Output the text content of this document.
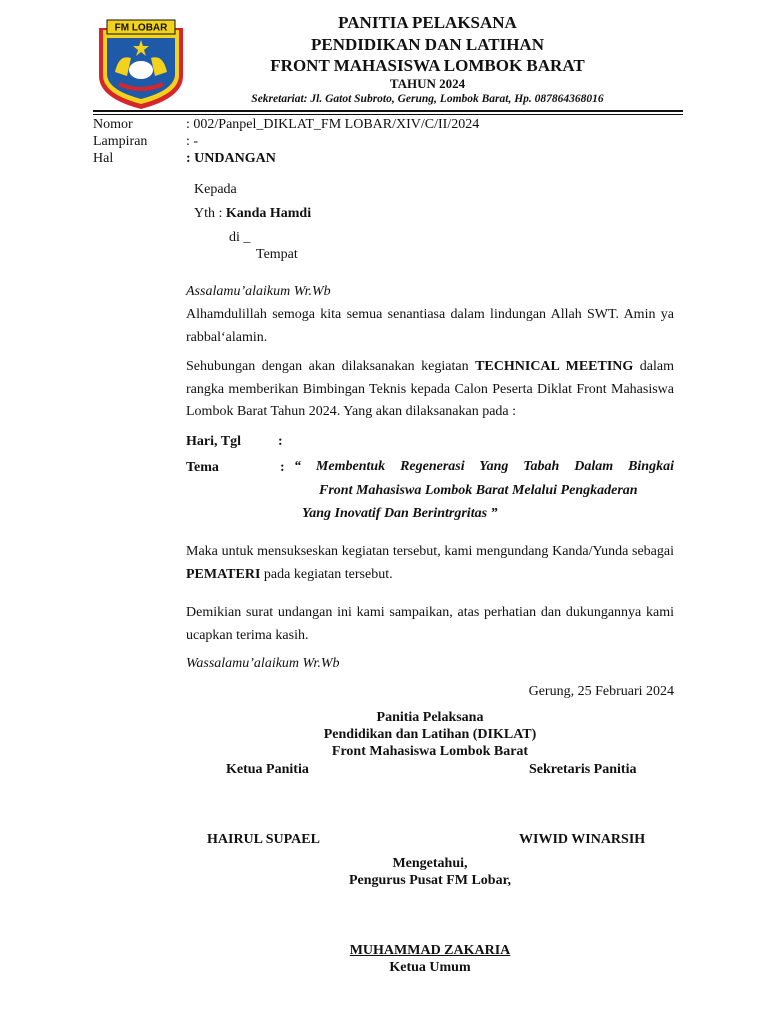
FM LOBAR	PANITIA PELAKSANA
PENDIDIKAN DAN LATIHAN
FRONT MAHASISWA LOMBOK BARAT
TAHUN 2024
Sekretariat: Jl. Gatot Subroto, Gerung, Lombok Barat, Hp. 087864368016
Nomor	: 002/Panpel_DIKLAT_FM LOBAR/XIV/C/II/2024
Lampiran	: -
Hal	: UNDANGAN
Kepada
Yth : Kanda Hamdi
di _
Tempat
Assalamu’alaikum Wr.Wb
Alhamdulillah semoga kita semua senantiasa dalam lindungan Allah SWT. Amin ya rabbal‘alamin.
Sehubungan dengan akan dilaksanakan kegiatan TECHNICAL MEETING dalam rangka memberikan Bimbingan Teknis kepada Calon Peserta Diklat Front Mahasiswa Lombok Barat Tahun 2024. Yang akan dilaksanakan pada :
Hari, Tgl	:
Tema	: “ Membentuk Regenerasi Yang Tabah Dalam Bingkai
Front Mahasiswa Lombok Barat Melalui Pengkaderan
Yang Inovatif Dan Berintrgritas ”
Maka untuk mensukseskan kegiatan tersebut, kami mengundang Kanda/Yunda sebagai PEMATERI pada kegiatan tersebut.
Demikian surat undangan ini kami sampaikan, atas perhatian dan dukungannya kami ucapkan terima kasih.
Wassalamu’alaikum Wr.Wb
Gerung, 25 Februari 2024
Panitia Pelaksana
Pendidikan dan Latihan (DIKLAT)
Front Mahasiswa Lombok Barat
Ketua Panitia	Sekretaris Panitia
HAIRUL SUPAEL	WIWID WINARSIH
Mengetahui,
Pengurus Pusat FM Lobar,
MUHAMMAD ZAKARIA
Ketua Umum
